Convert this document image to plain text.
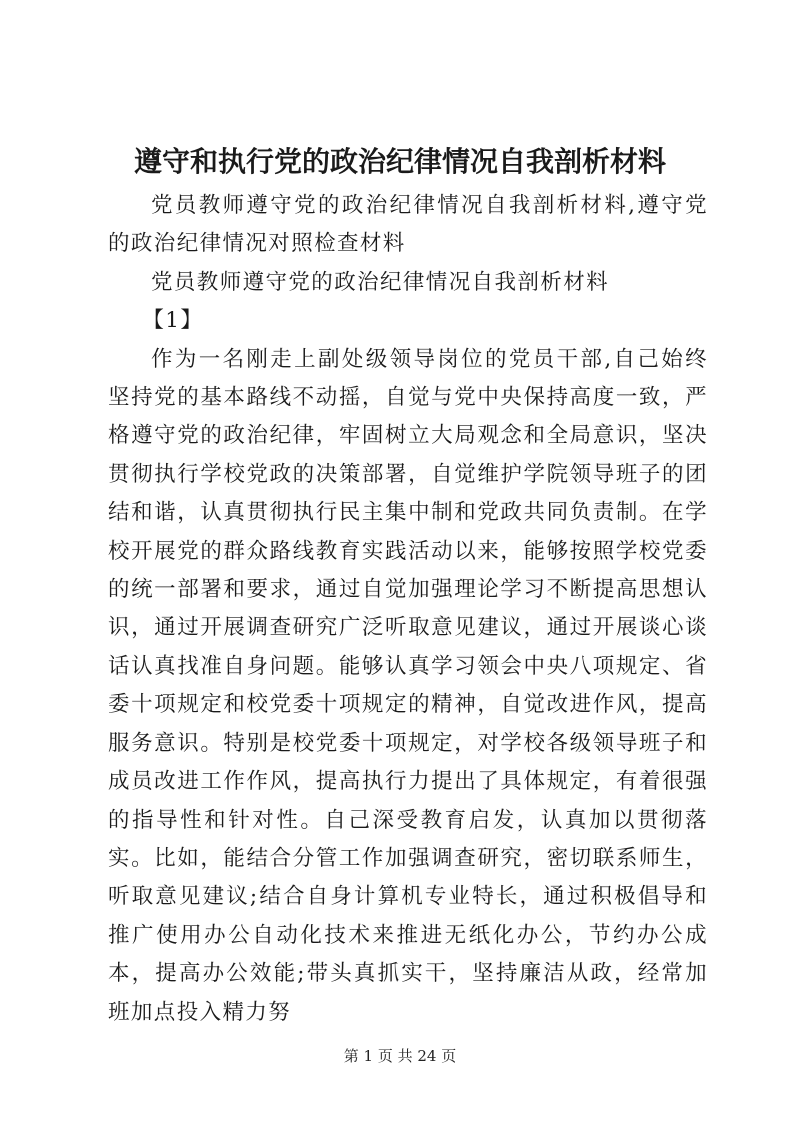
遵守和执行党的政治纪律情况自我剖析材料

党员教师遵守党的政治纪律情况自我剖析材料,遵守党的政治纪律情况对照检查材料

党员教师遵守党的政治纪律情况自我剖析材料

【1】

作为一名刚走上副处级领导岗位的党员干部,自己始终坚持党的基本路线不动摇，自觉与党中央保持高度一致，严格遵守党的政治纪律，牢固树立大局观念和全局意识，坚决贯彻执行学校党政的决策部署，自觉维护学院领导班子的团结和谐，认真贯彻执行民主集中制和党政共同负责制。在学校开展党的群众路线教育实践活动以来，能够按照学校党委的统一部署和要求，通过自觉加强理论学习不断提高思想认识，通过开展调查研究广泛听取意见建议，通过开展谈心谈话认真找准自身问题。能够认真学习领会中央八项规定、省委十项规定和校党委十项规定的精神，自觉改进作风，提高服务意识。特别是校党委十项规定，对学校各级领导班子和成员改进工作作风，提高执行力提出了具体规定，有着很强的指导性和针对性。自己深受教育启发，认真加以贯彻落实。比如，能结合分管工作加强调查研究，密切联系师生，听取意见建议;结合自身计算机专业特长，通过积极倡导和推广使用办公自动化技术来推进无纸化办公，节约办公成本，提高办公效能;带头真抓实干，坚持廉洁从政，经常加班加点投入精力努

第 1 页 共 24 页
